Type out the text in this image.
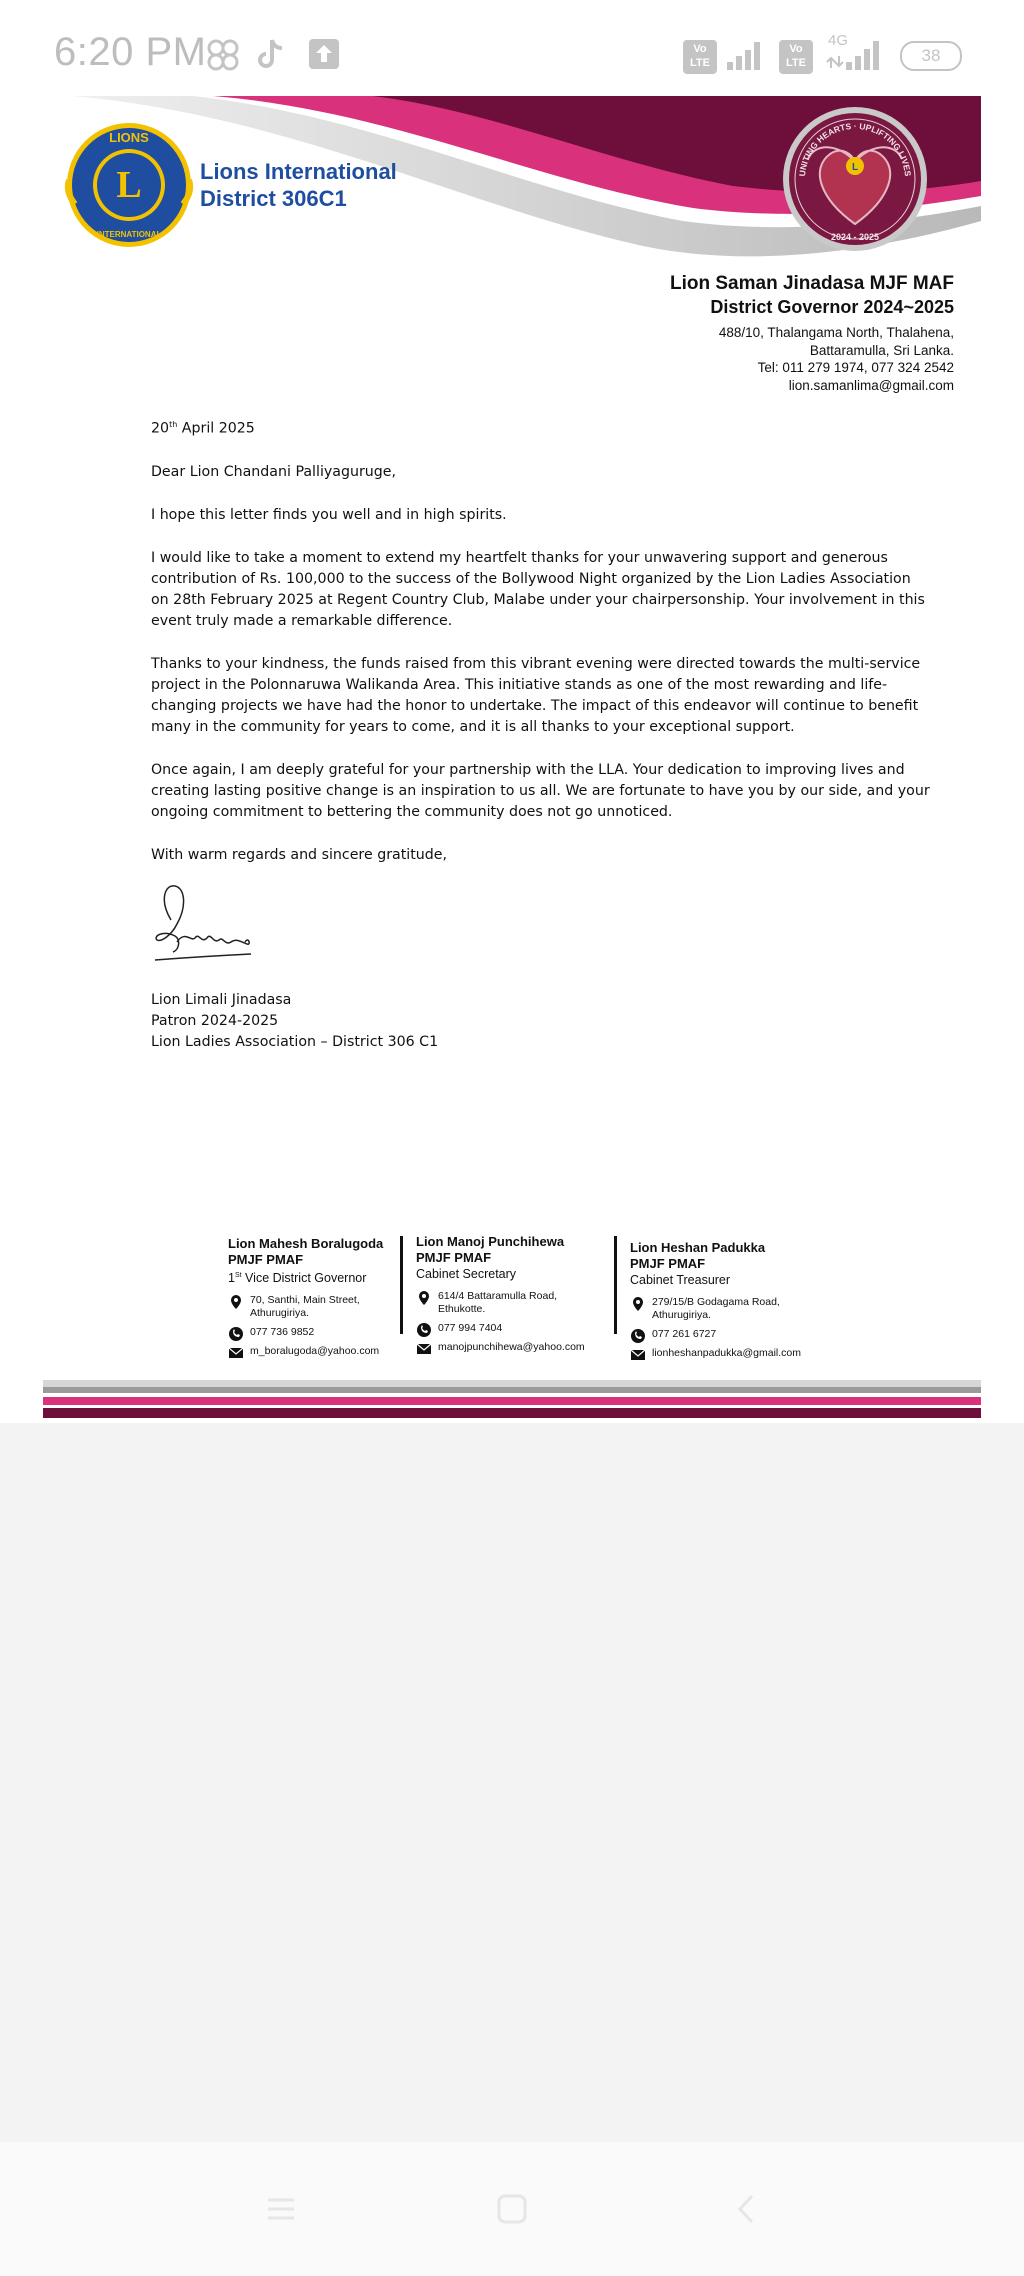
6:20 PM	Vo
LTE
Vo
LTE
4G
38
L
LIONS
INTERNATIONAL
Lions International
District 306C1
L
UNITING HEARTS · UPLIFTING LIVES
2024 - 2025
Lion Saman Jinadasa MJF MAF
District Governor 2024~2025
488/10, Thalangama North, Thalahena,
Battaramulla, Sri Lanka.
Tel: 011 279 1974, 077 324 2542
lion.samanlima@gmail.com

20th April 2025

Dear Lion Chandani Palliyaguruge,

I hope this letter finds you well and in high spirits.

I would like to take a moment to extend my heartfelt thanks for your unwavering support and generous contribution of Rs. 100,000 to the success of the Bollywood Night organized by the Lion Ladies Association on 28th February 2025 at Regent Country Club, Malabe under your chairpersonship. Your involvement in this event truly made a remarkable difference.

Thanks to your kindness, the funds raised from this vibrant evening were directed towards the multi-service project in the Polonnaruwa Walikanda Area. This initiative stands as one of the most rewarding and life-changing projects we have had the honor to undertake. The impact of this endeavor will continue to benefit many in the community for years to come, and it is all thanks to your exceptional support.

Once again, I am deeply grateful for your partnership with the LLA. Your dedication to improving lives and creating lasting positive change is an inspiration to us all. We are fortunate to have you by our side, and your ongoing commitment to bettering the community does not go unnoticed.

With warm regards and sincere gratitude,

Lion Limali Jinadasa

Patron 2024-2025

Lion Ladies Association – District 306 C1

Lion Mahesh Boralugoda
PMJF PMAF
1St Vice District Governor
70, Santhi, Main Street,
Athurugiriya.
077 736 9852
m_boralugoda@yahoo.com
Lion Manoj Punchihewa
PMJF PMAF
Cabinet Secretary
614/4 Battaramulla Road,
Ethukotte.
077 994 7404
manojpunchihewa@yahoo.com
Lion Heshan Padukka
PMJF PMAF
Cabinet Treasurer
279/15/B Godagama Road,
Athurugiriya.
077 261 6727
lionheshanpadukka@gmail.com
